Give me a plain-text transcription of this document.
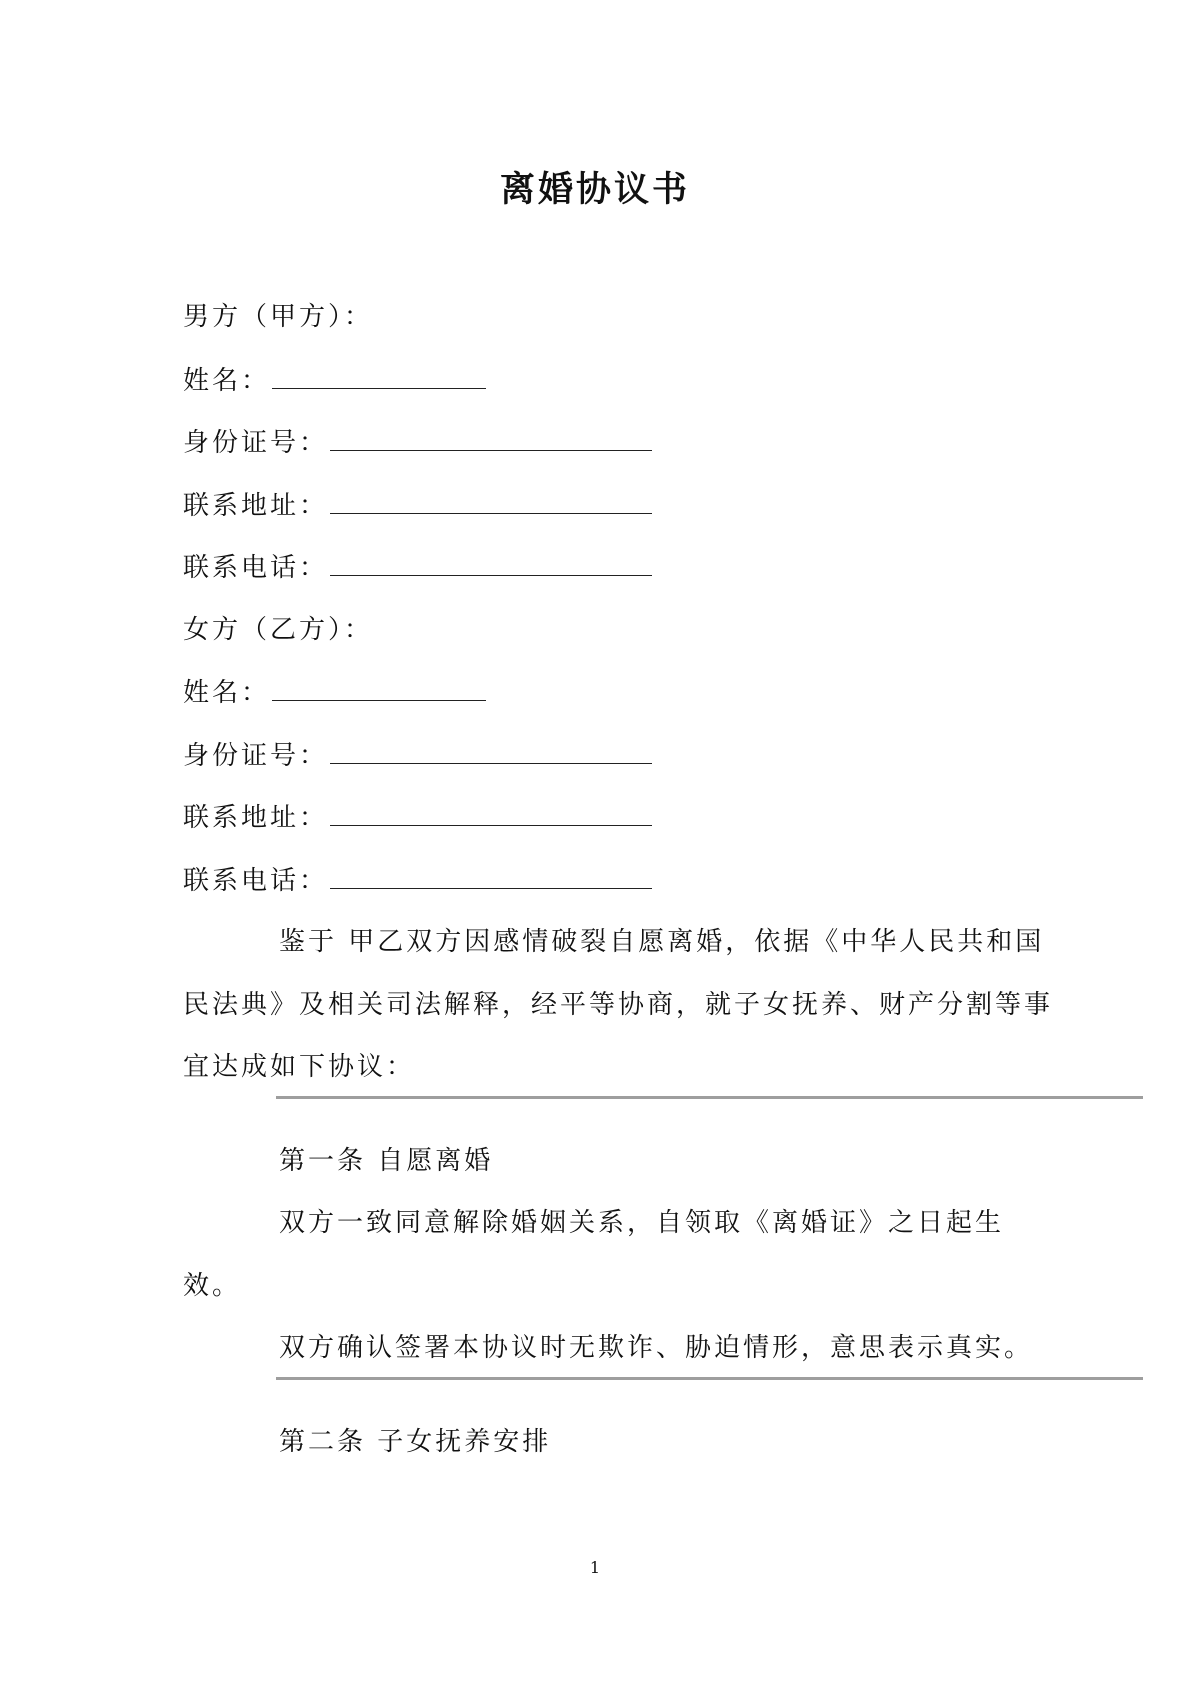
离婚协议书
男方（甲方）：
姓名：
身份证号：
联系地址：
联系电话：
女方（乙方）：
姓名：
身份证号：
联系地址：
联系电话：
鉴于 甲乙双方因感情破裂自愿离婚，依据《中华人民共和国
民法典》及相关司法解释，经平等协商，就子女抚养、财产分割等事
宜达成如下协议：
第一条 自愿离婚
双方一致同意解除婚姻关系，自领取《离婚证》之日起生
效。
双方确认签署本协议时无欺诈、胁迫情形，意思表示真实。
第二条 子女抚养安排
1
